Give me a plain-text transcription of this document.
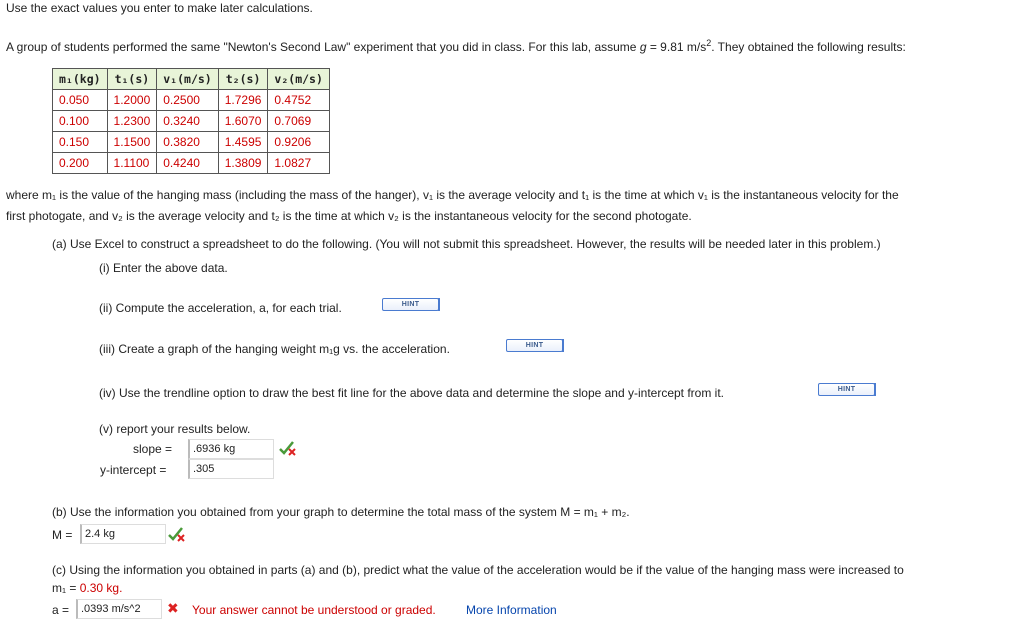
Use the exact values you enter to make later calculations.
A group of students performed the same "Newton's Second Law" experiment that you did in class. For this lab, assume g = 9.81 $m/s^2$. They obtained the following results:
m₁(kg)	t₁(s)	v₁(m/s)	t₂(s)	v₂(m/s)
0.050	1.2000	0.2500	1.7296	0.4752
0.100	1.2300	0.3240	1.6070	0.7069
0.150	1.1500	0.3820	1.4595	0.9206
0.200	1.1100	0.4240	1.3809	1.0827
where m₁ is the value of the hanging mass (including the mass of the hanger), v₁ is the average velocity and t₁ is the time at which v₁ is the instantaneous velocity for the
first photogate, and v₂ is the average velocity and t₂ is the time at which v₂ is the instantaneous velocity for the second photogate.
(a) Use Excel to construct a spreadsheet to do the following. (You will not submit this spreadsheet. However, the results will be needed later in this problem.)
(i) Enter the above data.
(ii) Compute the acceleration, a, for each trial.	HINT
(iii) Create a graph of the hanging weight m₁g vs. the acceleration.	HINT
(iv) Use the trendline option to draw the best fit line for the above data and determine the slope and y-intercept from it.	HINT
(v) report your results below.
slope =	.6936 kg
y-intercept =	.305
(b) Use the information you obtained from your graph to determine the total mass of the system M = m₁ + m₂.
M =	2.4 kg
(c) Using the information you obtained in parts (a) and (b), predict what the value of the acceleration would be if the value of the hanging mass were increased to
m₁ = 0.30 kg.
a =	.0393 m/s^2	✖ Your answer cannot be understood or graded.	More Information
